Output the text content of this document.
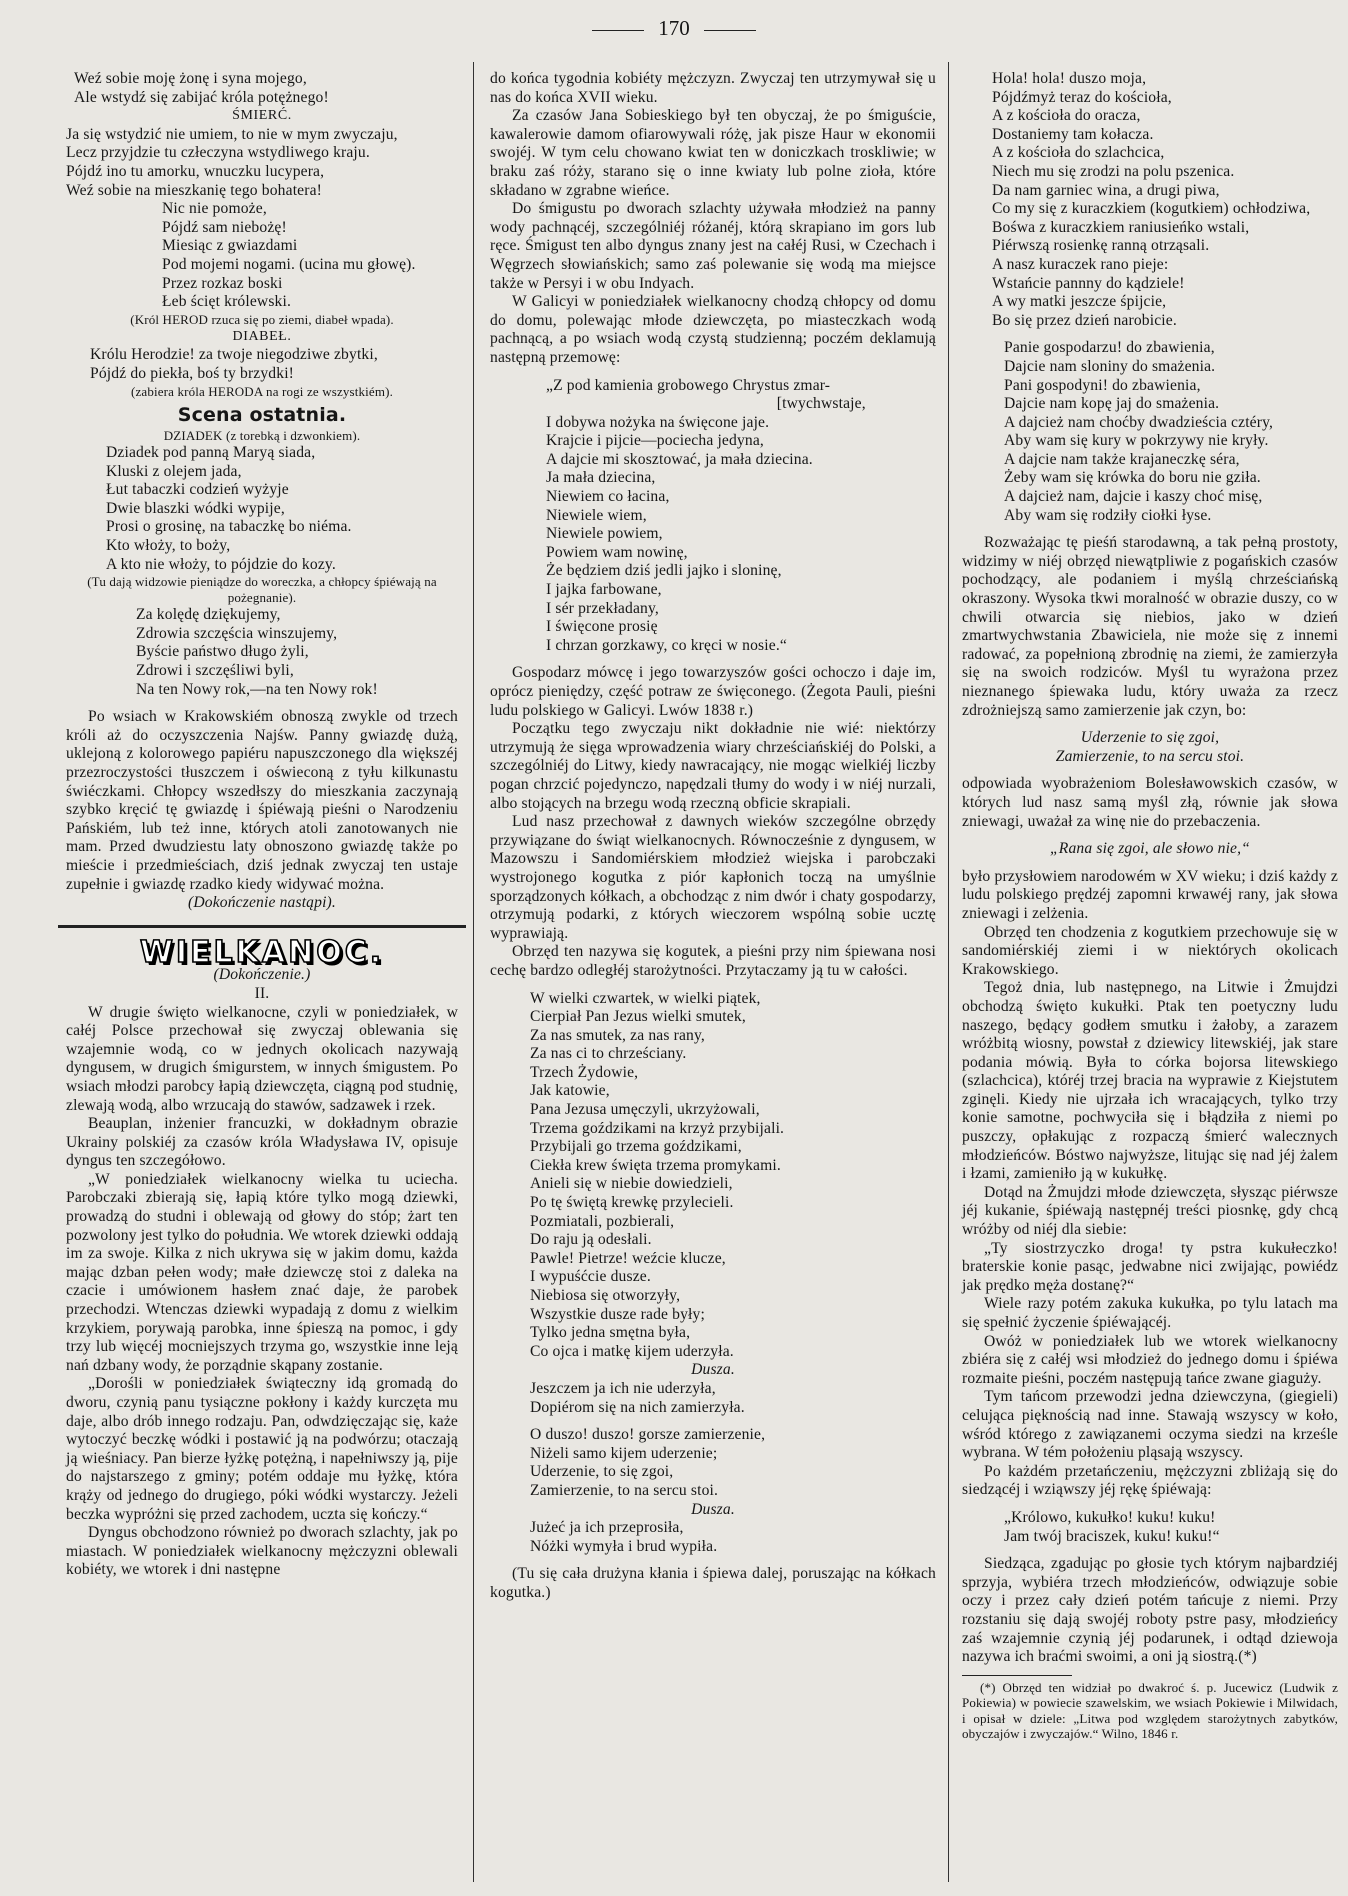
170
Weź sobie moję żonę i syna mojego,
Ale wstydź się zabijać króla potężnego!
ŚMIERĆ.
Ja się wstydzić nie umiem, to nie w mym zwyczaju,
Lecz przyjdzie tu człeczyna wstydliwego kraju.
Pójdź ino tu amorku, wnuczku lucypera,
Weź sobie na mieszkanię tego bohatera!
Nic nie pomoże,
Pójdź sam niebożę!
Miesiąc z gwiazdami
Pod mojemi nogami. (ucina mu głowę).
Przez rozkaz boski
Łeb ścięt królewski.
(Król HEROD rzuca się po ziemi, diabeł wpada).
DIABEŁ.
Królu Herodzie! za twoje niegodziwe zbytki,
Pójdź do piekła, boś ty brzydki!
(zabiera króla HERODA na rogi ze wszystkiém).
Scena ostatnia.
DZIADEK (z torebką i dzwonkiem).
Dziadek pod panną Maryą siada,
Kluski z olejem jada,
Łut tabaczki codzień wyżyje
Dwie blaszki wódki wypije,
Prosi o grosinę, na tabaczkę bo niéma.
Kto włoży, to boży,
A kto nie włoży, to pójdzie do kozy.
(Tu dają widzowie pieniądze do woreczka, a chłopcy śpiéwają na pożegnanie).
Za kolędę dziękujemy,
Zdrowia szczęścia winszujemy,
Byście państwo długo żyli,
Zdrowi i szczęśliwi byli,
Na ten Nowy rok,—na ten Nowy rok!
Po wsiach w Krakowskiém obnoszą zwykle od trzech króli aż do oczyszczenia Najśw. Panny gwiazdę dużą, uklejoną z kolorowego papiéru napuszczonego dla większéj przezroczystości tłuszczem i oświeconą z tyłu kilkunastu świéczkami. Chłopcy wszedłszy do mieszkania zaczynają szybko kręcić tę gwiazdę i śpiéwają pieśni o Narodzeniu Pańskiém, lub też inne, których atoli zanotowanych nie mam. Przed dwudziestu laty obnoszono gwiazdę także po mieście i przedmieściach, dziś jednak zwyczaj ten ustaje zupełnie i gwiazdę rzadko kiedy widywać można.
(Dokończenie nastąpi).
WIELKANOC.
(Dokończenie.)
II.
W drugie święto wielkanocne, czyli w poniedziałek, w całéj Polsce przechował się zwyczaj oblewania się wzajemnie wodą, co w jednych okolicach nazywają dyngusem, w drugich śmigurstem, w innych śmigustem. Po wsiach młodzi parobcy łapią dziewczęta, ciągną pod studnię, zlewają wodą, albo wrzucają do stawów, sadzawek i rzek.
Beauplan, inżenier francuzki, w dokładnym obrazie Ukrainy polskiéj za czasów króla Władysława IV, opisuje dyngus ten szczegółowo.
„W poniedziałek wielkanocny wielka tu uciecha. Parobczaki zbierają się, łapią które tylko mogą dziewki, prowadzą do studni i oblewają od głowy do stóp; żart ten pozwolony jest tylko do południa. We wtorek dziewki oddają im za swoje. Kilka z nich ukrywa się w jakim domu, każda mając dzban pełen wody; małe dziewczę stoi z daleka na czacie i umówionem hasłem znać daje, że parobek przechodzi. Wtenczas dziewki wypadają z domu z wielkim krzykiem, porywają parobka, inne śpieszą na pomoc, i gdy trzy lub więcéj mocniejszych trzyma go, wszystkie inne leją nań dzbany wody, że porządnie skąpany zostanie.
„Dorośli w poniedziałek świąteczny idą gromadą do dworu, czynią panu tysiączne pokłony i każdy kurczęta mu daje, albo drób innego rodzaju. Pan, odwdzięczając się, każe wytoczyć beczkę wódki i postawić ją na podwórzu; otaczają ją wieśniacy. Pan bierze łyżkę potężną, i napełniwszy ją, pije do najstarszego z gminy; potém oddaje mu łyżkę, która krąży od jednego do drugiego, póki wódki wystarczy. Jeżeli beczka wypróżni się przed zachodem, uczta się kończy.“
Dyngus obchodzono również po dworach szlachty, jak po miastach. W poniedziałek wielkanocny mężczyzni oblewali kobiéty, we wtorek i dni następne
do końca tygodnia kobiéty mężczyzn. Zwyczaj ten utrzymywał się u nas do końca XVII wieku.
Za czasów Jana Sobieskiego był ten obyczaj, że po śmiguście, kawalerowie damom ofiarowywali różę, jak pisze Haur w ekonomii swojéj. W tym celu chowano kwiat ten w doniczkach troskliwie; w braku zaś róży, starano się o inne kwiaty lub polne zioła, które składano w zgrabne wieńce.
Do śmigustu po dworach szlachty używała młodzież na panny wody pachnącéj, szczególniéj różanéj, którą skrapiano im gors lub ręce. Śmigust ten albo dyngus znany jest na całéj Rusi, w Czechach i Węgrzech słowiańskich; samo zaś polewanie się wodą ma miejsce także w Persyi i w obu Indyach.
W Galicyi w poniedziałek wielkanocny chodzą chłopcy od domu do domu, polewając młode dziewczęta, po miasteczkach wodą pachnącą, a po wsiach wodą czystą studzienną; poczém deklamują następną przemowę:
„Z pod kamienia grobowego Chrystus zmar-
[twychwstaje,
I dobywa nożyka na święcone jaje.
Krajcie i pijcie—pociecha jedyna,
A dajcie mi skosztować, ja mała dziecina.
Ja mała dziecina,
Niewiem co łacina,
Niewiele wiem,
Niewiele powiem,
Powiem wam nowinę,
Że będziem dziś jedli jajko i sloninę,
I jajka farbowane,
I sér przekładany,
I święcone prosię
I chrzan gorzkawy, co kręci w nosie.“
Gospodarz mówcę i jego towarzyszów gości ochoczo i daje im, oprócz pieniędzy, część potraw ze święconego. (Żegota Pauli, pieśni ludu polskiego w Galicyi. Lwów 1838 r.)
Początku tego zwyczaju nikt dokładnie nie wié: niektórzy utrzymują że sięga wprowadzenia wiary chrześciańskiéj do Polski, a szczególniéj do Litwy, kiedy nawracający, nie mogąc wielkiéj liczby pogan chrzcić pojedynczo, napędzali tłumy do wody i w niéj nurzali, albo stojących na brzegu wodą rzeczną obficie skrapiali.
Lud nasz przechował z dawnych wieków szczególne obrzędy przywiązane do świąt wielkanocnych. Równocześnie z dyngusem, w Mazowszu i Sandomiérskiem młodzież wiejska i parobczaki wystrojonego kogutka z piór kapłonich toczą na umyślnie sporządzonych kółkach, a obchodząc z nim dwór i chaty gospodarzy, otrzymują podarki, z których wieczorem wspólną sobie ucztę wyprawiają.
Obrzęd ten nazywa się kogutek, a pieśni przy nim śpiewana nosi cechę bardzo odległéj starożytności. Przytaczamy ją tu w całości.
W wielki czwartek, w wielki piątek,
Cierpiał Pan Jezus wielki smutek,
Za nas smutek, za nas rany,
Za nas ci to chrześciany.
Trzech Żydowie,
Jak katowie,
Pana Jezusa umęczyli, ukrzyżowali,
Trzema goździkami na krzyż przybijali.
Przybijali go trzema goździkami,
Ciekła krew święta trzema promykami.
Anieli się w niebie dowiedzieli,
Po tę świętą krewkę przylecieli.
Pozmiatali, pozbierali,
Do raju ją odesłali.
Pawle! Pietrze! weźcie klucze,
I wypuśćcie dusze.
Niebiosa się otworzyły,
Wszystkie dusze rade były;
Tylko jedna smętna była,
Co ojca i matkę kijem uderzyła.
Dusza.
Jeszczem ja ich nie uderzyła,
Dopiérom się na nich zamierzyła.
O duszo! duszo! gorsze zamierzenie,
Niżeli samo kijem uderzenie;
Uderzenie, to się zgoi,
Zamierzenie, to na sercu stoi.
Dusza.
Jużeć ja ich przeprosiła,
Nóżki wymyła i brud wypiła.
(Tu się cała drużyna kłania i śpiewa dalej, poruszając na kółkach kogutka.)
Hola! hola! duszo moja,
Pójdźmyż teraz do kościoła,
A z kościoła do oracza,
Dostaniemy tam kołacza.
A z kościoła do szlachcica,
Niech mu się zrodzi na polu pszenica.
Da nam garniec wina, a drugi piwa,
Co my się z kuraczkiem (kogutkiem) ochłodziwa,
Bośwa z kuraczkiem raniusieńko wstali,
Piérwszą rosienkę ranną otrząsali.
A nasz kuraczek rano pieje:
Wstańcie pannny do kądziele!
A wy matki jeszcze śpijcie,
Bo się przez dzień narobicie.
Panie gospodarzu! do zbawienia,
Dajcie nam sloniny do smażenia.
Pani gospodyni! do zbawienia,
Dajcie nam kopę jaj do smażenia.
A dajcież nam choćby dwadzieścia cztéry,
Aby wam się kury w pokrzywy nie kryły.
A dajcie nam także krajaneczkę séra,
Żeby wam się krówka do boru nie gziła.
A dajcież nam, dajcie i kaszy choć misę,
Aby wam się rodziły ciołki łyse.
Rozważając tę pieśń starodawną, a tak pełną prostoty, widzimy w niéj obrzęd niewątpliwie z pogańskich czasów pochodzący, ale podaniem i myślą chrześciańską okraszony. Wysoka tkwi moralność w obrazie duszy, co w chwili otwarcia się niebios, jako w dzień zmartwychwstania Zbawiciela, nie może się z innemi radować, za popełnioną zbrodnię na ziemi, że zamierzyła się na swoich rodziców. Myśl tu wyrażona przez nieznanego śpiewaka ludu, który uważa za rzecz zdrożniejszą samo zamierzenie jak czyn, bo:
Uderzenie to się zgoi,
Zamierzenie, to na sercu stoi.
odpowiada wyobrażeniom Bolesławowskich czasów, w których lud nasz samą myśl złą, równie jak słowa zniewagi, uważał za winę nie do przebaczenia.
„Rana się zgoi, ale słowo nie,“
było przysłowiem narodowém w XV wieku; i dziś każdy z ludu polskiego prędzéj zapomni krwawéj rany, jak słowa zniewagi i zelżenia.
Obrzęd ten chodzenia z kogutkiem przechowuje się w sandomiérskiéj ziemi i w niektórych okolicach Krakowskiego.
Tegoż dnia, lub następnego, na Litwie i Żmujdzi obchodzą święto kukułki. Ptak ten poetyczny ludu naszego, będący godłem smutku i żałoby, a zarazem wróżbitą wiosny, powstał z dziewicy litewskiéj, jak stare podania mówią. Była to córka bojorsa litewskiego (szlachcica), któréj trzej bracia na wyprawie z Kiejstutem zginęli. Kiedy nie ujrzała ich wracających, tylko trzy konie samotne, pochwyciła się i błądziła z niemi po puszczy, opłakując z rozpaczą śmierć walecznych młodzieńców. Bóstwo najwyższe, litując się nad jéj żalem i łzami, zamieniło ją w kukułkę.
Dotąd na Żmujdzi młode dziewczęta, słysząc piérwsze jéj kukanie, śpiéwają następnéj treści piosnkę, gdy chcą wróżby od niéj dla siebie:
„Ty siostrzyczko droga! ty pstra kukułeczko! braterskie konie pasąc, jedwabne nici zwijając, powiédz jak prędko męża dostanę?“
Wiele razy potém zakuka kukułka, po tylu latach ma się spełnić życzenie śpiéwającéj.
Owóż w poniedziałek lub we wtorek wielkanocny zbiéra się z całéj wsi młodzież do jednego domu i śpiéwa rozmaite pieśni, poczém następują tańce zwane giaguży.
Tym tańcom przewodzi jedna dziewczyna, (giegieli) celująca pięknością nad inne. Stawają wszyscy w koło, wśród którego z zawiązanemi oczyma siedzi na krześle wybrana. W tém położeniu pląsają wszyscy.
Po każdém przetańczeniu, mężczyzni zbliżają się do siedzącéj i wziąwszy jéj rękę śpiéwają:
„Królowo, kukułko! kuku! kuku!
Jam twój braciszek, kuku! kuku!“
Siedząca, zgadując po głosie tych którym najbardziéj sprzyja, wybiéra trzech młodzieńców, odwiązuje sobie oczy i przez cały dzień potém tańcuje z niemi. Przy rozstaniu się dają swojéj roboty pstre pasy, młodzieńcy zaś wzajemnie czynią jéj podarunek, i odtąd dziewoja nazywa ich braćmi swoimi, a oni ją siostrą.(*)
(*) Obrzęd ten widział po dwakroć ś. p. Jucewicz (Ludwik z Pokiewia) w powiecie szawelskim, we wsiach Pokiewie i Milwidach, i opisał w dziele: „Litwa pod względem starożytnych zabytków, obyczajów i zwyczajów.“ Wilno, 1846 r.
